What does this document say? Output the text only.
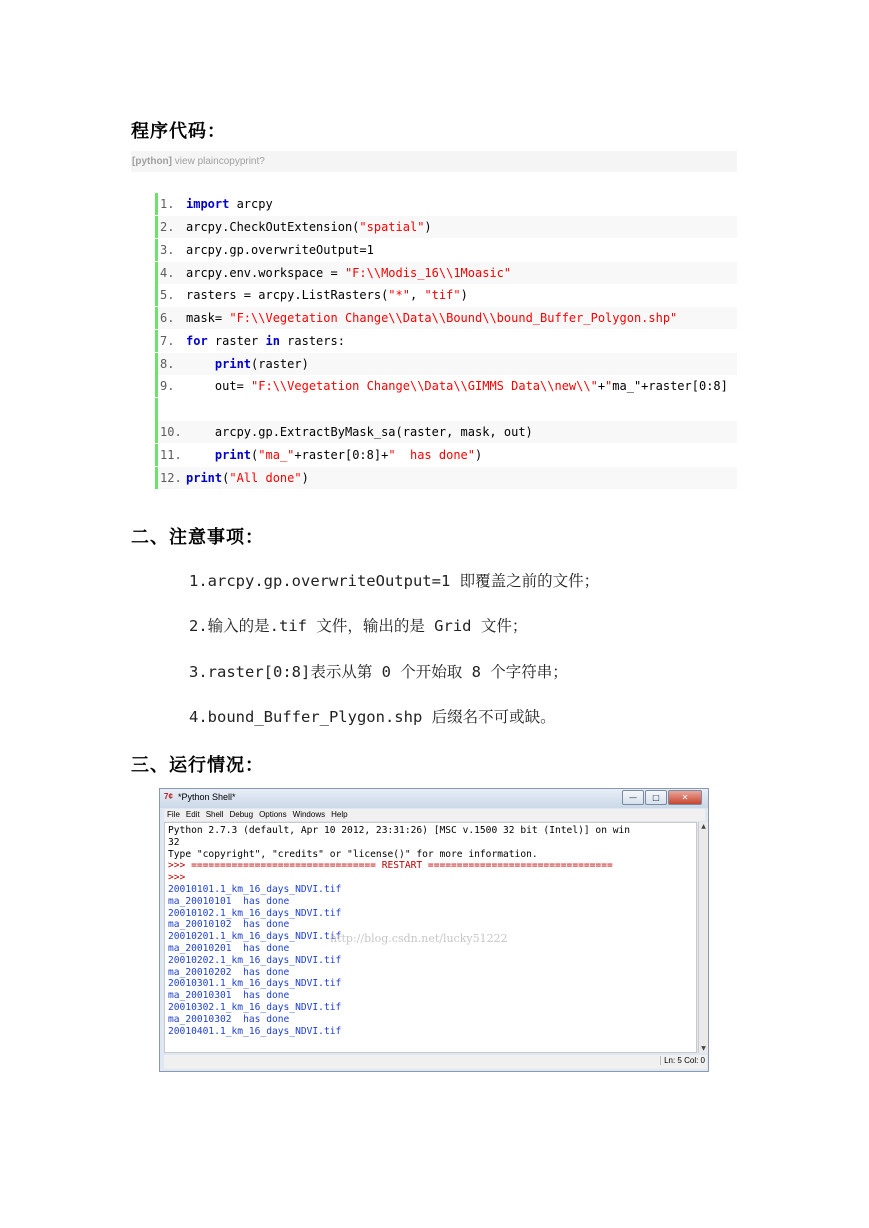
程序代码：
[python] view plaincopyprint?
1. import arcpy
2. arcpy.CheckOutExtension("spatial")
3. arcpy.gp.overwriteOutput=1
4. arcpy.env.workspace = "F:\\Modis_16\\1Moasic"
5. rasters = arcpy.ListRasters("*", "tif")
6. mask= "F:\\Vegetation Change\\Data\\Bound\\bound_Buffer_Polygon.shp"
7. for raster in rasters:
8.	print(raster)
9.    out= "F:\\Vegetation Change\\Data\\GIMMS Data\\new\\"+"ma_"+raster[0:8]
10.    arcpy.gp.ExtractByMask_sa(raster, mask, out)
11.	print("ma_"+raster[0:8]+"  has done")
12. print("All done")
二、注意事项：
1.arcpy.gp.overwriteOutput=1 即覆盖之前的文件；
2.输入的是.tif 文件，输出的是 Grid 文件；
3.raster[0:8]表示从第 0 个开始取 8 个字符串；
4.bound_Buffer_Plygon.shp 后缀名不可或缺。
三、运行情况：
7¢ *Python Shell*	—	□	✕
File Edit Shell Debug Options Windows Help
Python 2.7.3 (default, Apr 10 2012, 23:31:26) [MSC v.1500 32 bit (Intel)] on win
32
Type "copyright", "credits" or "license()" for more information.
>>> ================================ RESTART ================================
>>>
20010101.1_km_16_days_NDVI.tif
ma_20010101  has done
20010102.1_km_16_days_NDVI.tif
ma_20010102  has done
20010201.1_km_16_days_NDVI.tif
ma_20010201  has done
20010202.1_km_16_days_NDVI.tif
ma_20010202  has done
20010301.1_km_16_days_NDVI.tif
ma_20010301  has done
20010302.1_km_16_days_NDVI.tif
ma_20010302  has done
20010401.1_km_16_days_NDVI.tif
▲
▼
Ln: 5 Col: 0
http://blog.csdn.net/lucky51222
